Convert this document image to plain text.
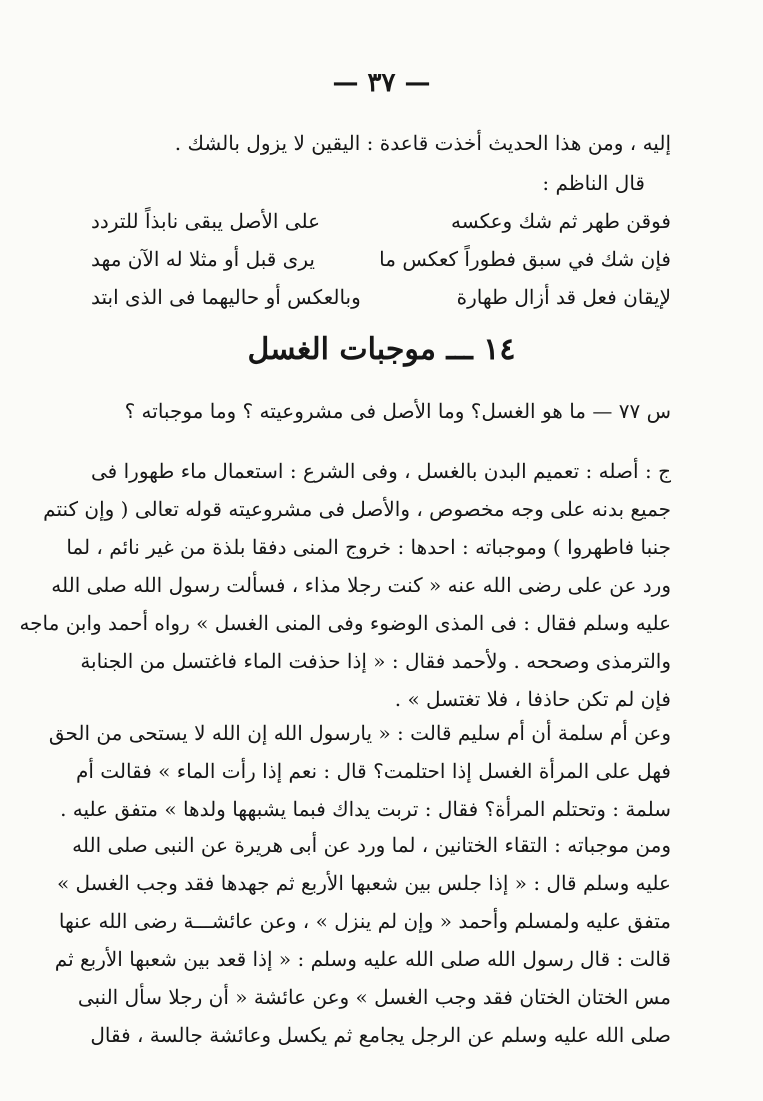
— ٣٧ —
إليه ، ومن هذا الحديث أخذت قاعدة : اليقين لا يزول بالشك .
قال الناظم :
فوقن طهر ثم شك وعكسه
على الأصل يبقى نابذاً للتردد
فإن شك في سبق فطوراً كعكس ما
يرى قبل أو مثلا له الآن مهد
لإيقان فعل قد أزال طهارة
وبالعكس أو حاليهما فى الذى ابتد
١٤ ـــ موجبات الغسل
س ٧٧ — ما هو الغسل؟ وما الأصل فى مشروعيته ؟ وما موجباته ؟
ج : أصله : تعميم البدن بالغسل ، وفى الشرع : استعمال ماء طهورا فى
جميع بدنه على وجه مخصوص ، والأصل فى مشروعيته قوله تعالى ( وإن كنتم
جنبا فاطهروا ) وموجباته : احدها : خروج المنى دفقا بلذة من غير نائم ، لما
ورد عن على رضى الله عنه « كنت رجلا مذاء ، فسألت رسول الله صلى الله
عليه وسلم فقال : فى المذى الوضوء وفى المنى الغسل » رواه أحمد وابن ماجه
والترمذى وصححه . ولأحمد فقال : « إذا حذفت الماء فاغتسل من الجنابة
فإن لم تكن حاذفا ، فلا تغتسل » .
وعن أم سلمة أن أم سليم قالت : « يارسول الله إن الله لا يستحى من الحق
فهل على المرأة الغسل إذا احتلمت؟ قال : نعم إذا رأت الماء » فقالت أم
سلمة : وتحتلم المرأة؟ فقال : تربت يداك فبما يشبهها ولدها » متفق عليه .
ومن موجباته : التقاء الختانين ، لما ورد عن أبى هريرة عن النبى صلى الله
عليه وسلم قال : « إذا جلس بين شعبها الأربع ثم جهدها فقد وجب الغسل »
متفق عليه ولمسلم وأحمد « وإن لم ينزل » ، وعن عائشـــة رضى الله عنها
قالت : قال رسول الله صلى الله عليه وسلم : « إذا قعد بين شعبها الأربع ثم
مس الختان الختان فقد وجب الغسل » وعن عائشة « أن رجلا سأل النبى
صلى الله عليه وسلم عن الرجل يجامع ثم يكسل وعائشة جالسة ، فقال
